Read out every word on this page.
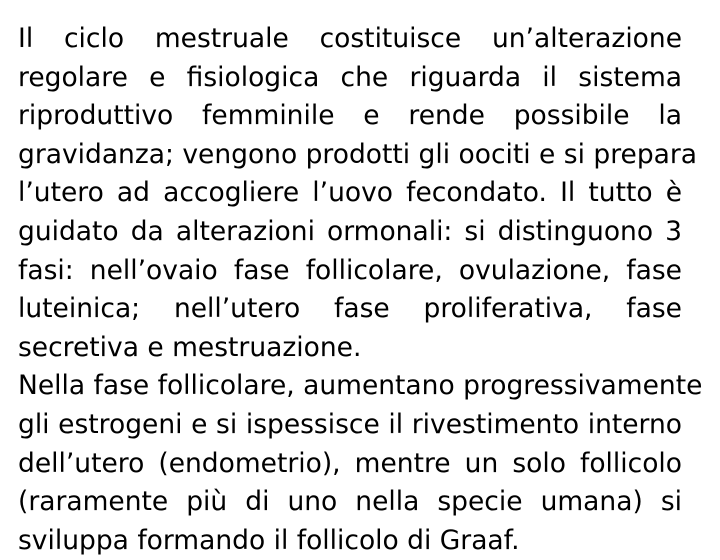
Il ciclo mestruale costituisce un’alterazione
regolare e fisiologica che riguarda il sistema
riproduttivo femminile e rende possibile la
gravidanza; vengono prodotti gli oociti e si prepara
l’utero ad accogliere l’uovo fecondato. Il tutto è
guidato da alterazioni ormonali: si distinguono 3
fasi: nell’ovaio fase follicolare, ovulazione, fase
luteinica; nell’utero fase proliferativa, fase
secretiva e mestruazione.
Nella fase follicolare, aumentano progressivamente
gli estrogeni e si ispessisce il rivestimento interno
dell’utero (endometrio), mentre un solo follicolo
(raramente più di uno nella specie umana) si
sviluppa formando il follicolo di Graaf.
